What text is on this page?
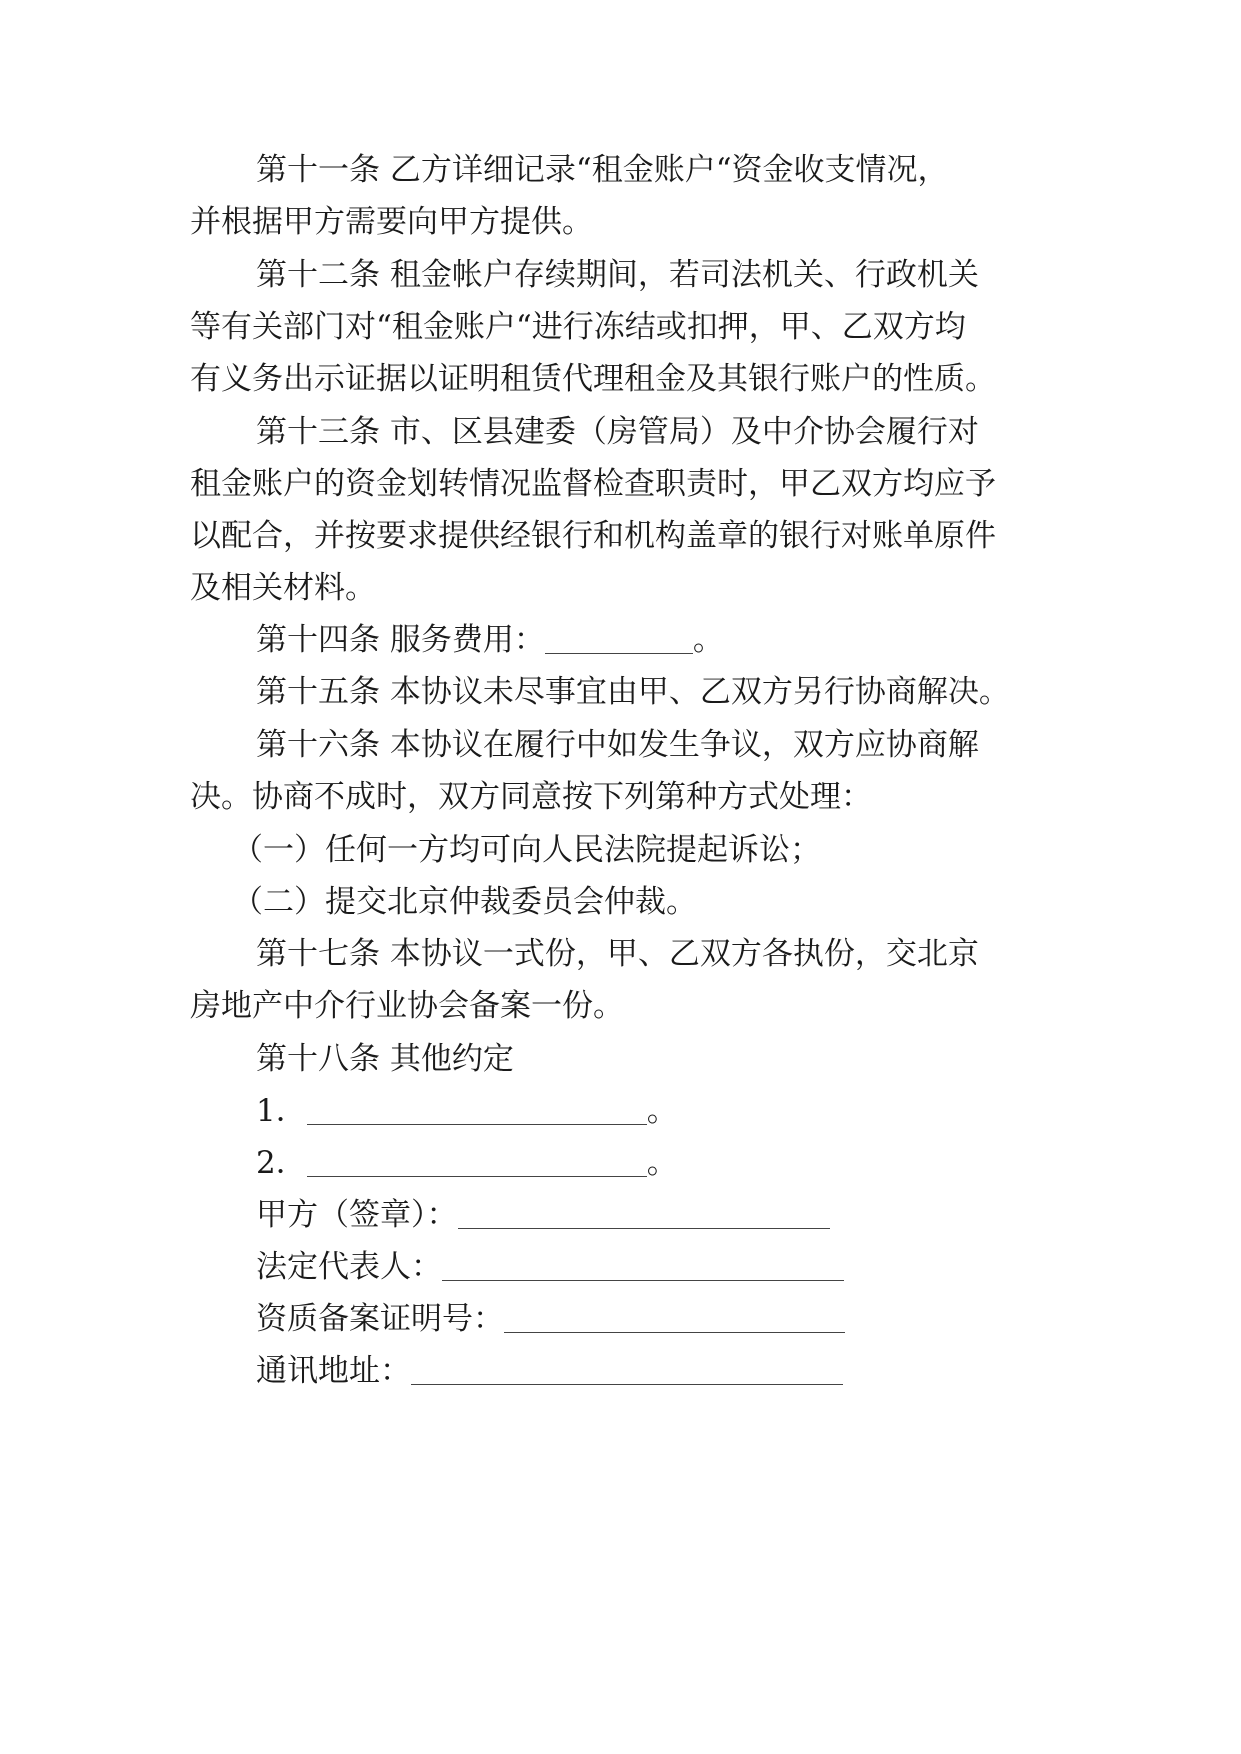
第十一条 乙方详细记录“租金账户“资金收支情况，
并根据甲方需要向甲方提供。
第十二条 租金帐户存续期间，若司法机关、行政机关
等有关部门对“租金账户“进行冻结或扣押，甲、乙双方均
有义务出示证据以证明租赁代理租金及其银行账户的性质。
第十三条 市、区县建委（房管局）及中介协会履行对
租金账户的资金划转情况监督检查职责时，甲乙双方均应予
以配合，并按要求提供经银行和机构盖章的银行对账单原件
及相关材料。
第十四条 服务费用：	。
第十五条 本协议未尽事宜由甲、乙双方另行协商解决。
第十六条 本协议在履行中如发生争议，双方应协商解
决。协商不成时，双方同意按下列第种方式处理：
（一）任何一方均可向人民法院提起诉讼；
（二）提交北京仲裁委员会仲裁。
第十七条 本协议一式份，甲、乙双方各执份，交北京
房地产中介行业协会备案一份。
第十八条 其他约定
1．	。
2．	。
甲方（签章）：
法定代表人：
资质备案证明号：
通讯地址：
